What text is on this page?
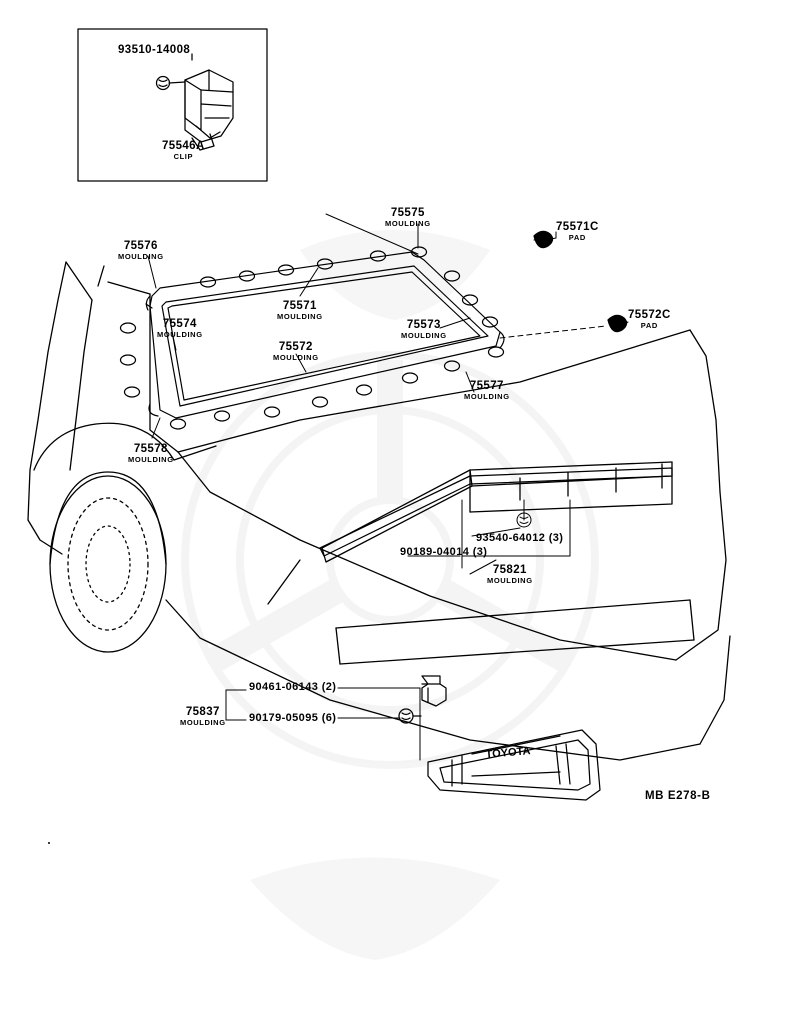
TOYOTA
93510-14008
75546A
CLIP
75575
MOULDING	75571C
PAD
75576
MOULDING
75571
MOULDING	75572C
PAD
75574
MOULDING
75573
MOULDING
75572
MOULDING
75577
MOULDING
75578
MOULDING
75821
MOULDING
75837
MOULDING
93540-64012 (3)
90189-04014 (3)
90461-06143 (2)
90179-05095 (6)
MB E278-B
